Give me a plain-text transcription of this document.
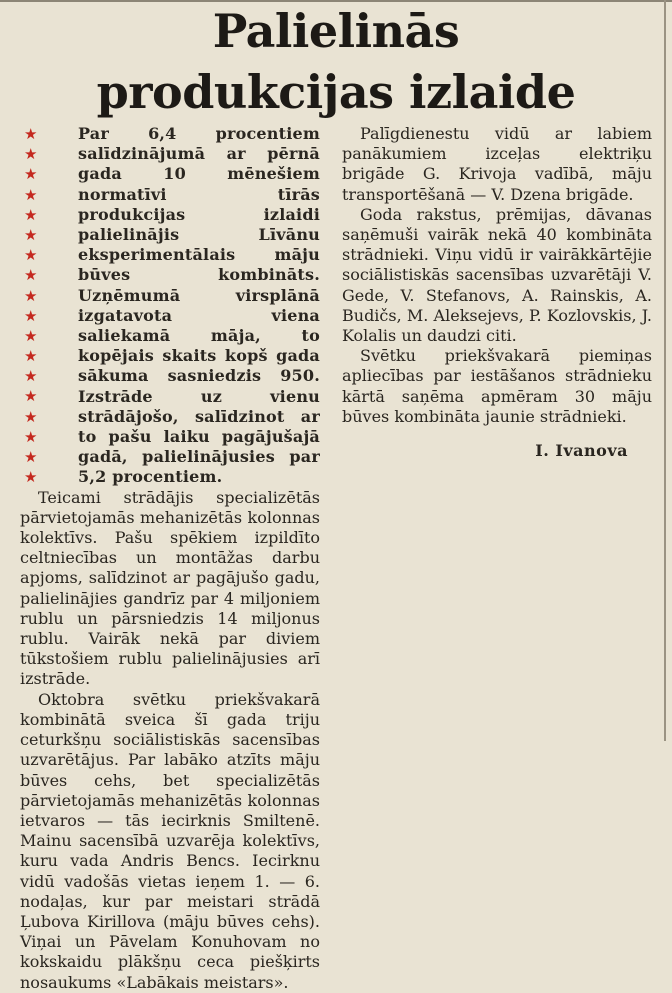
Palielinās
produkcijas izlaide
★
★
★
★
★
★
★
★
★
★
★
★
★
★
★
★
★
★

Par 6,4 procentiem salīdzinājumā ar pērnā gada 10 mēnešiem normatīvi tīrās produkcijas izlaidi palielinājis Līvānu eksperimentālais māju būves kombināts. Uzņēmumā virsplānā izgatavota viena saliekamā māja, to kopējais skaits kopš gada sākuma sasniedzis 950. Izstrāde uz vienu strādājošo, salīdzinot ar to pašu laiku pagājušajā gadā, palielinājusies par 5,2 procentiem.

Teicami strādājis specializētās pārvietojamās mehanizētās kolonnas kolektīvs. Pašu spēkiem izpildīto celtniecības un montāžas darbu apjoms, salīdzinot ar pagājušo gadu, palielinājies gandrīz par 4 miljoniem rublu un pārsniedzis 14 miljonus rublu. Vairāk nekā par diviem tūkstošiem rublu palielinājusies arī izstrāde.

Oktobra svētku priekšvakarā kombinātā sveica šī gada triju ceturkšņu sociālistiskās sacensības uzvarētājus. Par labāko atzīts māju būves cehs, bet specializētās pārvietojamās mehanizētās kolonnas ietvaros — tās iecirknis Smiltenē. Mainu sacensībā uzvarēja kolektīvs, kuru vada Andris Bencs. Iecirknu vidū vadošās vietas ieņem 1. — 6. nodaļas, kur par meistari strādā Ļubova Kirillova (māju būves cehs). Viņai un Pāvelam Konuhovam no kokskaidu plākšņu ceca piešķirts nosaukums «Labākais meistars».

Palīgdienestu vidū ar labiem panākumiem izceļas elektriķu brigāde G. Krivoja vadībā, māju transportēšanā — V. Dzena brigāde.

Goda rakstus, prēmijas, dāvanas saņēmuši vairāk nekā 40 kombināta strādnieki. Viņu vidū ir vairākkārtējie sociālistiskās sacensības uzvarētāji V. Gede, V. Stefanovs, A. Rainskis, A. Budičs, M. Aleksejevs, P. Kozlovskis, J. Kolalis un daudzi citi.

Svētku priekšvakarā piemiņas apliecības par iestāšanos strādnieku kārtā saņēma apmēram 30 māju būves kombināta jaunie strādnieki.

I. Ivanova
